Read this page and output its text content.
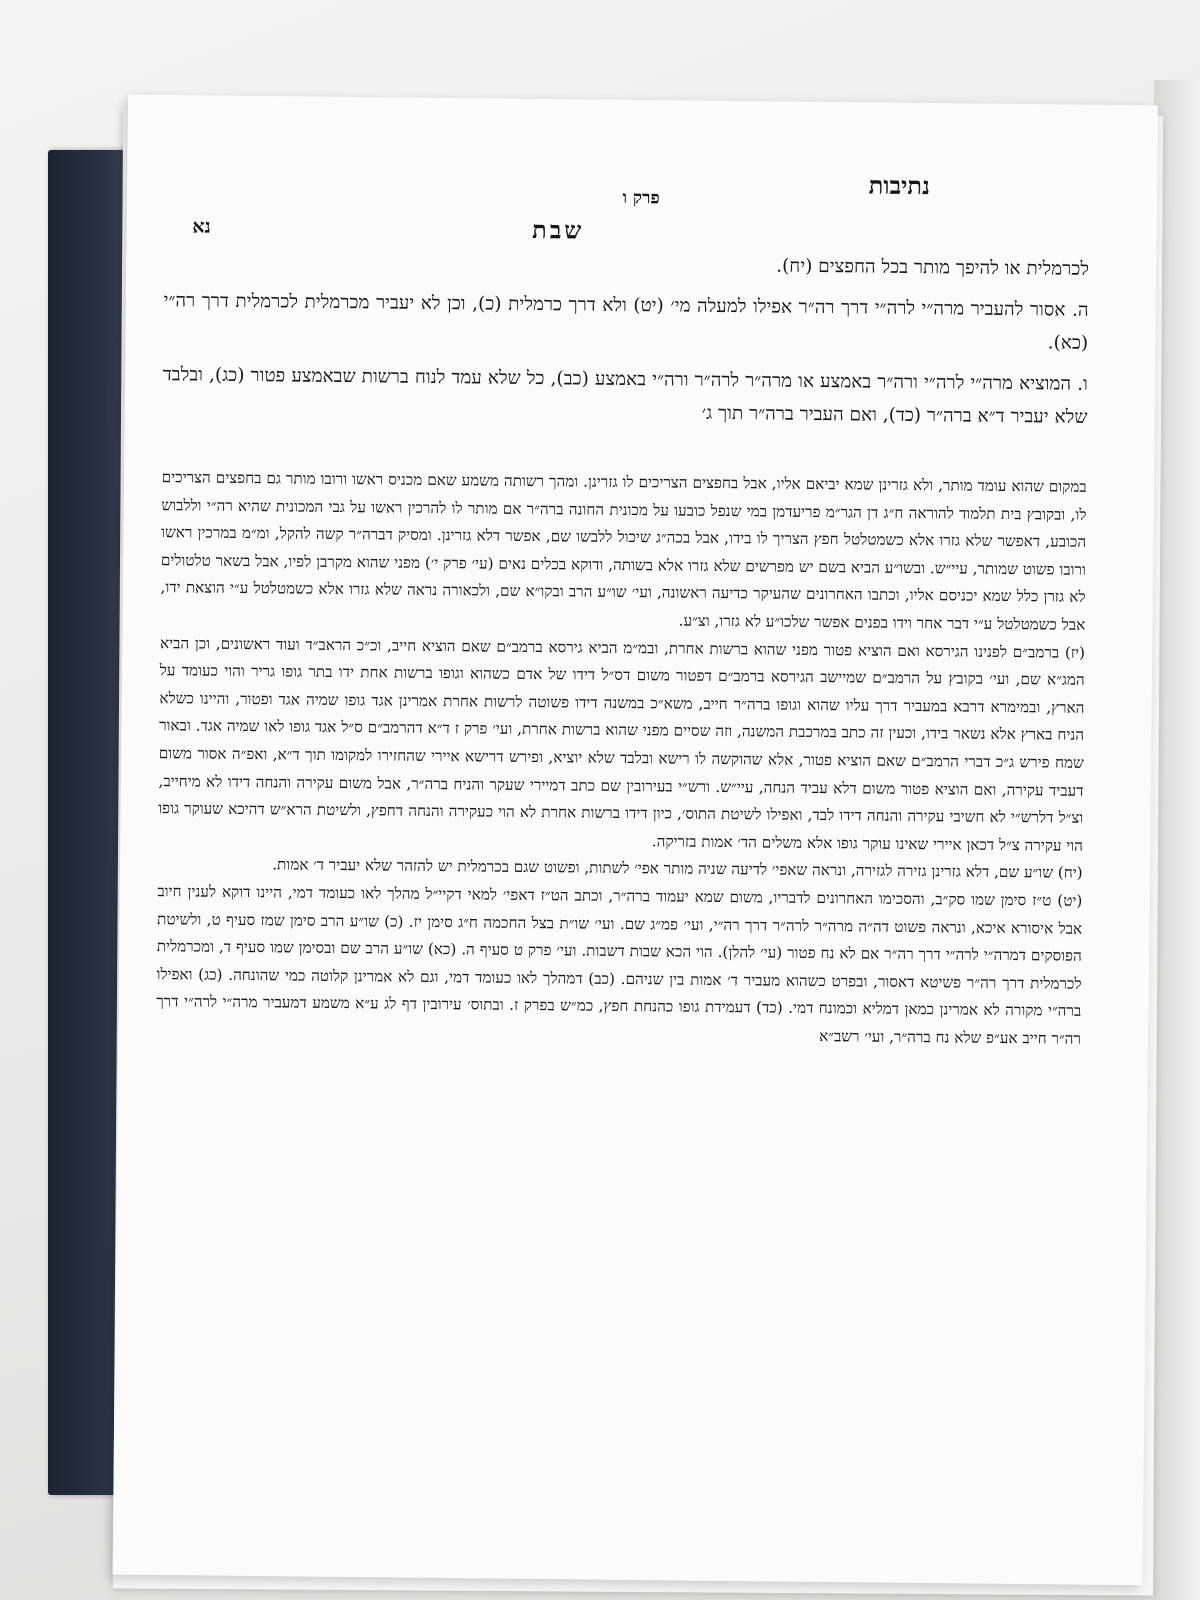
נתיבות
פרק ו
שבת
נא

לכרמלית או להיפך מותר בכל החפצים (יח).

ה. אסור להעביר מרה״י לרה״י דרך רה״ר אפילו למעלה מי׳ (יט) ולא דרך כרמלית (כ), וכן לא יעביר מכרמלית לכרמלית דרך רה״י (כא).

ו. המוציא מרה״י לרה״י ורה״ר באמצע או מרה״ר לרה״ר ורה״י באמצע (כב), כל שלא עמד לנוח ברשות שבאמצע פטור (כג), ובלבד שלא יעביר ד״א ברה״ר (כד), ואם העביר ברה״ר תוך ג׳

במקום שהוא עומד מותר, ולא גזרינן שמא יביאם אליו, אבל בחפצים הצריכים לו גזרינן. ומהך רשותה משמע שאם מכניס ראשו ורובו מותר גם בחפצים הצריכים לו, ובקובץ בית תלמוד להוראה ח״ג דן הגר״מ פריעדמן במי שנפל כובעו על מכונית החונה ברה״ר אם מותר לו להרכין ראשו על גבי המכונית שהיא רה״י וללבוש הכובע, דאפשר שלא גזרו אלא כשמטלטל חפץ הצריך לו בידו, אבל בכה״ג שיכול ללבשו שם, אפשר דלא גזרינן. ומסיק דברה״ר קשה להקל, ומ״מ במרכין ראשו ורובו פשוט שמותר, עיי״ש. ובשו״ע הביא בשם יש מפרשים שלא גזרו אלא בשותה, ודוקא בכלים נאים (עי׳ פרק י׳) מפני שהוא מקרבן לפיו, אבל בשאר טלטולים לא גזרן כלל שמא יכניסם אליו, וכתבו האחרונים שהעיקר כדיעה ראשונה, ועי׳ שו״ע הרב ובקו״א שם, ולכאורה נראה שלא גזרו אלא כשמטלטל ע״י הוצאת ידו, אבל כשמטלטל ע״י דבר אחר וידו בפנים אפשר שלכו״ע לא גזרו, וצ״ע.

(יז) ברמב״ם לפנינו הגירסא ואם הוציא פטור מפני שהוא ברשות אחרת, ובמ״מ הביא גירסא ברמב״ם שאם הוציא חייב, וכ״כ הראב״ד ועוד ראשונים, וכן הביא המג״א שם, ועי׳ בקובץ על הרמב״ם שמיישב הגירסא ברמב״ם דפטור משום דס״ל דידו של אדם כשהוא וגופו ברשות אחת ידו בתר גופו גריר והוי כעומד על הארץ, ובמימרא דרבא במעביר דרך עליו שהוא וגופו ברה״ר חייב, משא״כ במשנה דידו פשוטה לרשות אחרת אמרינן אגד גופו שמיה אגד ופטור, והיינו כשלא הניח בארץ אלא נשאר בידו, וכעין זה כתב במרכבת המשנה, וזה שסיים מפני שהוא ברשות אחרת, ועי׳ פרק ז ד״א דהרמב״ם ס״ל אגד גופו לאו שמיה אגד. ובאור שמח פירש ג״כ דברי הרמב״ם שאם הוציא פטור, אלא שהוקשה לו רישא ובלבד שלא יוציא, ופירש דרישא איירי שהחזירו למקומו תוך ד״א, ואפ״ה אסור משום דעביד עקירה, ואם הוציא פטור משום דלא עביד הנחה, עיי״ש. ורש״י בעירובין שם כתב דמיירי שעקר והניח ברה״ר, אבל משום עקירה והנחה דידו לא מיחייב, וצ״ל דלרש״י לא חשיבי עקירה והנחה דידו לבד, ואפילו לשיטת התוס׳, כיון דידו ברשות אחרת לא הוי כעקירה והנחה דחפץ, ולשיטת הרא״ש דהיכא שעוקר גופו הוי עקירה צ״ל דכאן איירי שאינו עוקר גופו אלא משלים הד׳ אמות בזריקה.

(יח) שו״ע שם, דלא גזרינן גזירה לגזירה, ונראה שאפי׳ לדיעה שניה מותר אפי׳ לשתות, ופשוט שגם בכרמלית יש להזהר שלא יעביר ד׳ אמות.

(יט) ט״ז סימן שמו סק״ב, והסכימו האחרונים לדבריו, משום שמא יעמוד ברה״ר, וכתב הט״ז דאפי׳ למאי דקיי״ל מהלך לאו כעומד דמי, היינו דוקא לענין חיוב אבל איסורא איכא, ונראה פשוט דה״ה מרה״ר לרה״ר דרך רה״י, ועי׳ פמ״ג שם. ועי׳ שו״ת בצל החכמה ח״ג סימן יז. (כ) שו״ע הרב סימן שמז סעיף ט, ולשיטת הפוסקים דמרה״י לרה״י דרך רה״ר אם לא נח פטור (עי׳ להלן). הוי הכא שבות דשבות. ועי׳ פרק ט סעיף ה. (כא) שו״ע הרב שם ובסימן שמו סעיף ד, ומכרמלית לכרמלית דרך רה״ר פשיטא דאסור, ובפרט כשהוא מעביר ד׳ אמות בין שניהם. (כב) דמהלך לאו כעומד דמי, וגם לא אמרינן קלוטה כמי שהונחה. (כג) ואפילו ברה״י מקורה לא אמרינן כמאן דמליא וכמונח דמי. (כד) דעמידת גופו כהנחת חפץ, כמ״ש בפרק ז. ובתוס׳ עירובין דף לג ע״א משמע דמעביר מרה״י לרה״י דרך רה״ר חייב אע״פ שלא נח ברה״ר, ועי׳ רשב״א
